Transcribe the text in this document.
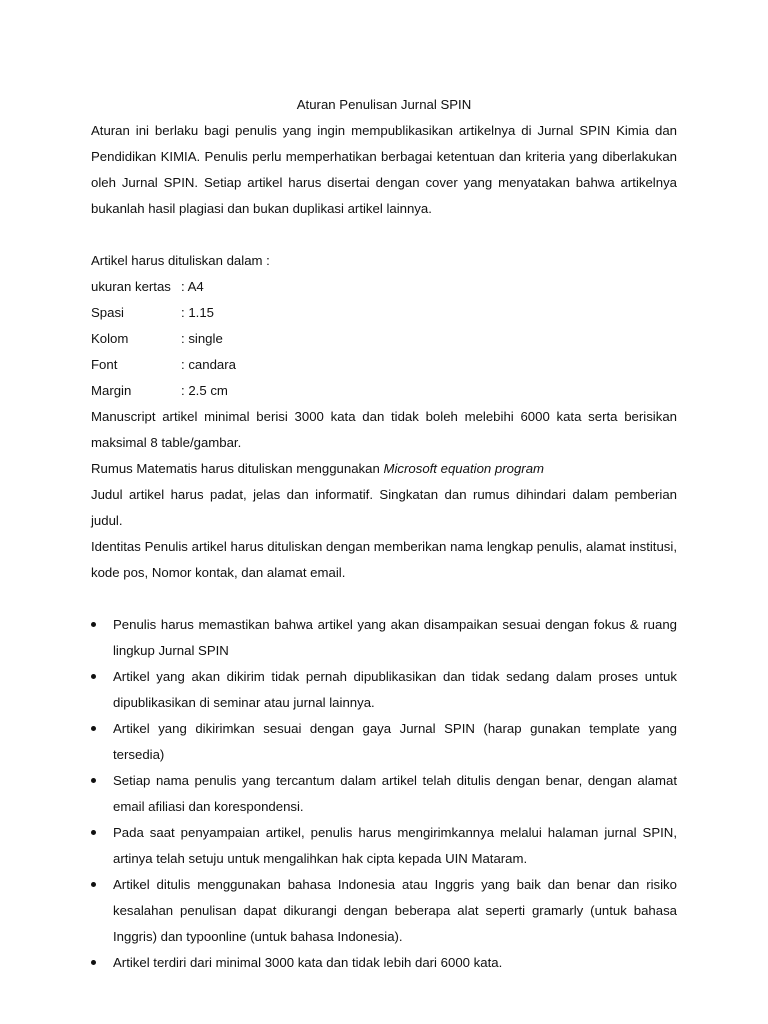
Aturan Penulisan Jurnal SPIN

Aturan ini berlaku bagi penulis yang ingin mempublikasikan artikelnya di Jurnal SPIN Kimia dan Pendidikan KIMIA. Penulis perlu memperhatikan berbagai ketentuan dan kriteria yang diberlakukan oleh Jurnal SPIN. Setiap artikel harus disertai dengan cover yang menyatakan bahwa artikelnya bukanlah hasil plagiasi dan bukan duplikasi artikel lainnya.

Artikel harus dituliskan dalam :

ukuran kertas : A4
Spasi	: 1.15
Kolom	: single
Font	: candara
Margin	: 2.5 cm

Manuscript artikel minimal berisi 3000 kata dan tidak boleh melebihi 6000 kata serta berisikan maksimal 8 table/gambar.

Rumus Matematis harus dituliskan menggunakan Microsoft equation program

Judul artikel harus padat, jelas dan informatif. Singkatan dan rumus dihindari dalam pemberian judul.

Identitas Penulis artikel harus dituliskan dengan memberikan nama lengkap penulis, alamat institusi, kode pos, Nomor kontak, dan alamat email.

Penulis harus memastikan bahwa artikel yang akan disampaikan sesuai dengan fokus & ruang lingkup Jurnal SPIN
Artikel yang akan dikirim tidak pernah dipublikasikan dan tidak sedang dalam proses untuk dipublikasikan di seminar atau jurnal lainnya.
Artikel yang dikirimkan sesuai dengan gaya Jurnal SPIN (harap gunakan template yang tersedia)
Setiap nama penulis yang tercantum dalam artikel telah ditulis dengan benar, dengan alamat email afiliasi dan korespondensi.
Pada saat penyampaian artikel, penulis harus mengirimkannya melalui halaman jurnal SPIN, artinya telah setuju untuk mengalihkan hak cipta kepada UIN Mataram.
Artikel ditulis menggunakan bahasa Indonesia atau Inggris yang baik dan benar dan risiko kesalahan penulisan dapat dikurangi dengan beberapa alat seperti gramarly (untuk bahasa Inggris) dan typoonline (untuk bahasa Indonesia).
Artikel terdiri dari minimal 3000 kata dan tidak lebih dari 6000 kata.
